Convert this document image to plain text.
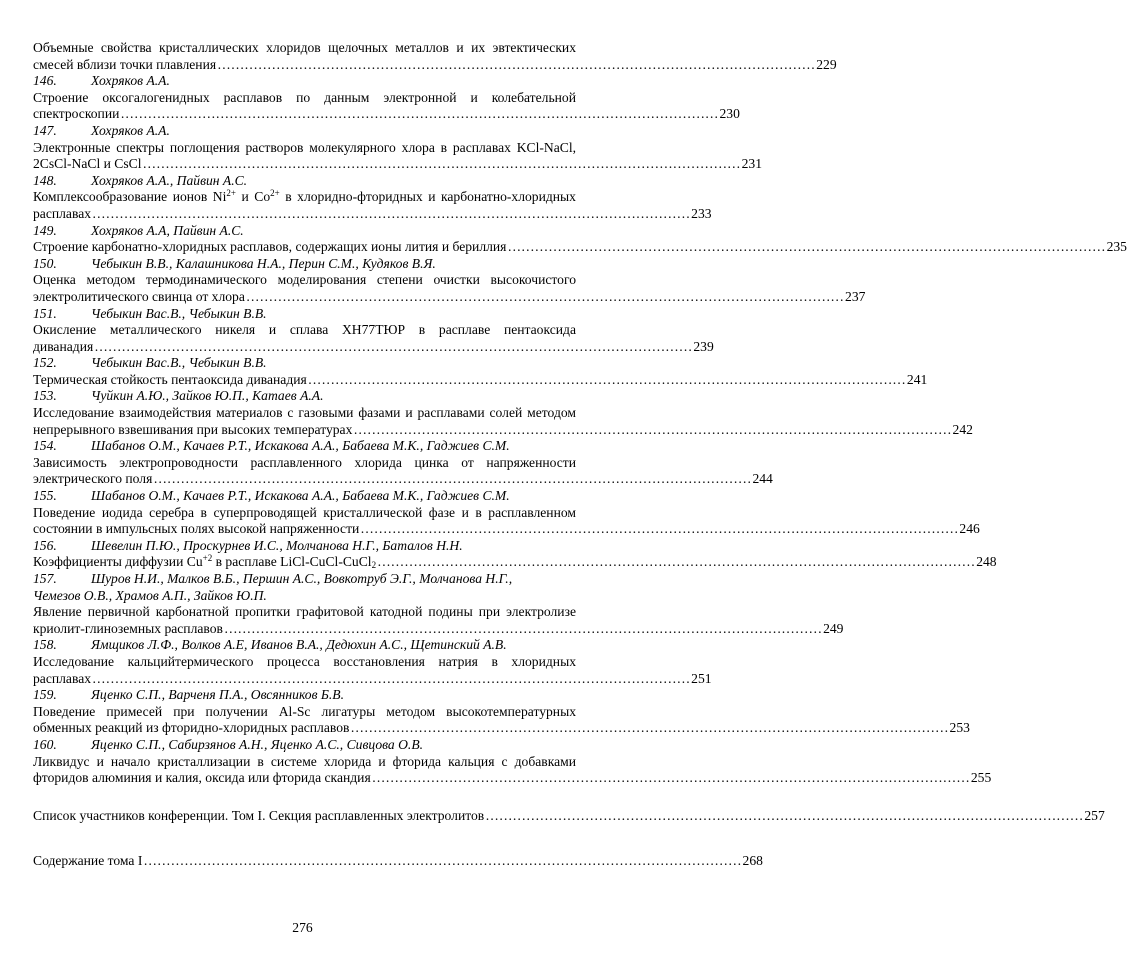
Объемные свойства кристаллических хлоридов щелочных металлов и их эвтектических
смесей вблизи точки плавления …………………………………………………………………………………………………………………… 229
146.	Хохряков А.А.
Строение оксогалогенидных расплавов по данным электронной и колебательной
спектроскопии …………………………………………………………………………………………………………………… 230
147.	Хохряков А.А.
Электронные спектры поглощения растворов молекулярного хлора в расплавах KCl-NaCl,
2CsCl-NaCl и CsCl …………………………………………………………………………………………………………………… 231
148.	Хохряков А.А., Пайвин А.С.
Комплексообразование ионов $Ni^{2+}$ и $Co^{2+}$ в хлоридно-фторидных и карбонатно-хлоридных
расплавах …………………………………………………………………………………………………………………… 233
149.	Хохряков А.А, Пайвин А.С.
Строение карбонатно-хлоридных расплавов, содержащих ионы лития и бериллия …………………………………………………………………………………………………………………… 235
150.	Чебыкин В.В., Калашникова Н.А., Перин С.М., Кудяков В.Я.
Оценка методом термодинамического моделирования степени очистки высокочистого
электролитического свинца от хлора …………………………………………………………………………………………………………………… 237
151.	Чебыкин Вас.В., Чебыкин В.В.
Окисление металлического никеля и сплава ХН77ТЮР в расплаве пентаоксида
диванадия …………………………………………………………………………………………………………………… 239
152.	Чебыкин Вас.В., Чебыкин В.В.
Термическая стойкость пентаоксида диванадия …………………………………………………………………………………………………………………… 241
153.	Чуйкин А.Ю., Зайков Ю.П., Катаев А.А.
Исследование взаимодействия материалов с газовыми фазами и расплавами солей методом
непрерывного взвешивания при высоких температурах …………………………………………………………………………………………………………………… 242
154.	Шабанов О.М., Качаев Р.Т., Искакова А.А., Бабаева М.К., Гаджиев С.М.
Зависимость электропроводности расплавленного хлорида цинка от напряженности
электрического поля …………………………………………………………………………………………………………………… 244
155.	Шабанов О.М., Качаев Р.Т., Искакова А.А., Бабаева М.К., Гаджиев С.М.
Поведение иодида серебра в суперпроводящей кристаллической фазе и в расплавленном
состоянии в импульсных полях высокой напряженности …………………………………………………………………………………………………………………… 246
156.	Шевелин П.Ю., Проскурнев И.С., Молчанова Н.Г., Баталов Н.Н.
Коэффициенты диффузии $Cu^{+2}$ в расплаве LiCl-CuCl-CuCl$_2$ …………………………………………………………………………………………………………………… 248
157.	Шуров Н.И., Малков В.Б., Першин А.С., Вовкотруб Э.Г., Молчанова Н.Г.,
Чемезов О.В., Храмов А.П., Зайков Ю.П.
Явление первичной карбонатной пропитки графитовой катодной подины при электролизе
криолит-глиноземных расплавов …………………………………………………………………………………………………………………… 249
158.	Ямщиков Л.Ф., Волков А.Е, Иванов В.А., Дедюхин А.С., Щетинский А.В.
Исследование кальцийтермического процесса восстановления натрия в хлоридных
расплавах …………………………………………………………………………………………………………………… 251
159.	Яценко С.П., Варченя П.А., Овсянников Б.В.
Поведение примесей при получении Al-Sc лигатуры методом высокотемпературных
обменных реакций из фторидно-хлоридных расплавов …………………………………………………………………………………………………………………… 253
160.	Яценко С.П., Сабирзянов А.Н., Яценко А.С., Сивцова О.В.
Ликвидус и начало кристаллизации в системе хлорида и фторида кальция с добавками
фторидов алюминия и калия, оксида или фторида скандия …………………………………………………………………………………………………………………… 255
Список участников конференции. Том I. Секция расплавленных электролитов …………………………………………………………………………………………………………………… 257
Содержание тома I …………………………………………………………………………………………………………………… 268
276
